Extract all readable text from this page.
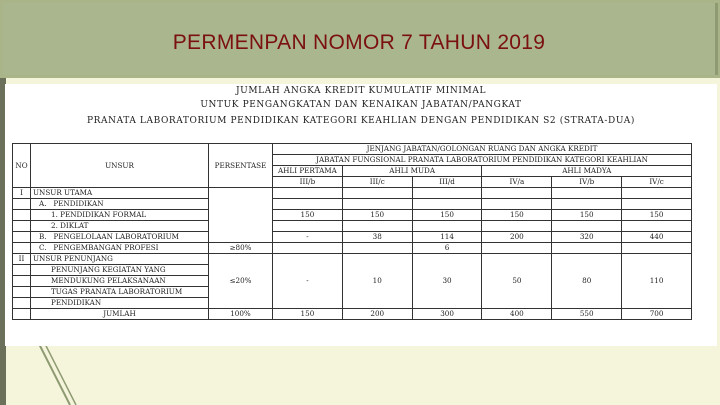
PERMENPAN NOMOR 7 TAHUN 2019
JUMLAH ANGKA KREDIT KUMULATIF MINIMAL
UNTUK PENGANGKATAN DAN KENAIKAN JABATAN/PANGKAT
PRANATA LABORATORIUM PENDIDIKAN KATEGORI KEAHLIAN DENGAN PENDIDIKAN S2 (STRATA-DUA)
NO	UNSUR	PERSENTASE	JENJANG JABATAN/GOLONGAN RUANG DAN ANGKA KREDIT					
			JABATAN FUNGSIONAL PRANATA LABORATORIUM PENDIDIKAN KATEGORI KEAHLIAN					
			AHLI PERTAMA	AHLI MUDA		AHLI MADYA		
			III/b	III/c	III/d	IV/a	IV/b	IV/c
I	UNSUR UTAMA							
	A. PENDIDIKAN							
	1. PENDIDIKAN FORMAL		150	150	150	150	150	150
	2. DIKLAT							
	B. PENGELOLAAN LABORATORIUM		-	38	114	200	320	440
	C. PENGEMBANGAN PROFESI	≥80%			6			
II	UNSUR PENUNJANG	≤20%	-	10	30	50	80	110
	PENUNJANG KEGIATAN YANG							
	MENDUKUNG PELAKSANAAN							
	TUGAS PRANATA LABORATORIUM							
	PENDIDIKAN							
	JUMLAH	100%	150	200	300	400	550	700
